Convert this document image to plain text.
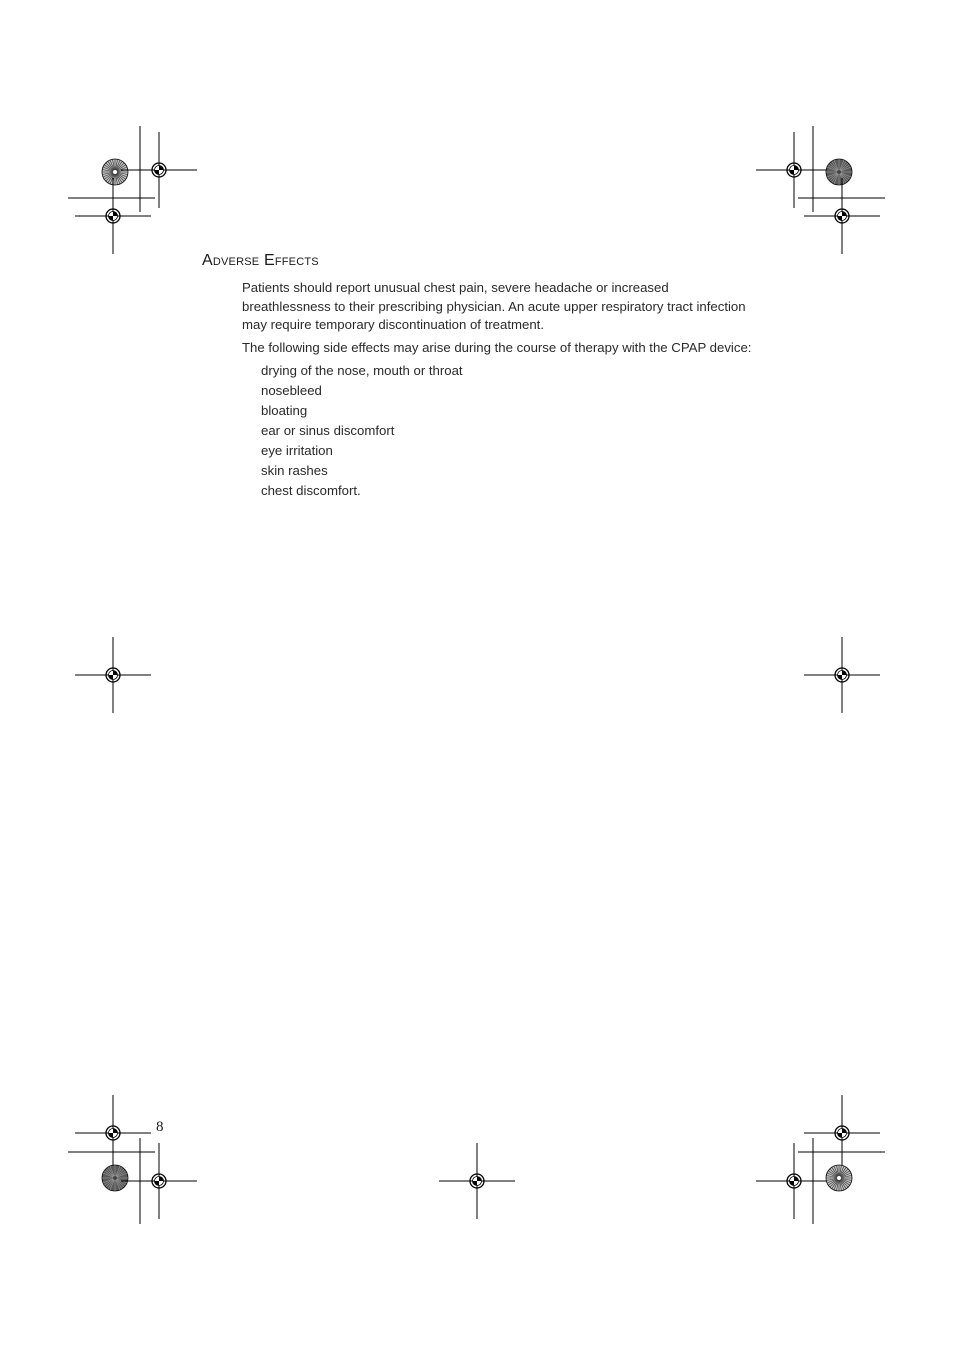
Adverse Effects

Patients should report unusual chest pain, severe headache or increased breathlessness to their prescribing physician. An acute upper respiratory tract infection may require temporary discontinuation of treatment.

The following side effects may arise during the course of therapy with the CPAP device:

drying of the nose, mouth or throat
nosebleed
bloating
ear or sinus discomfort
eye irritation
skin rashes
chest discomfort.
8
